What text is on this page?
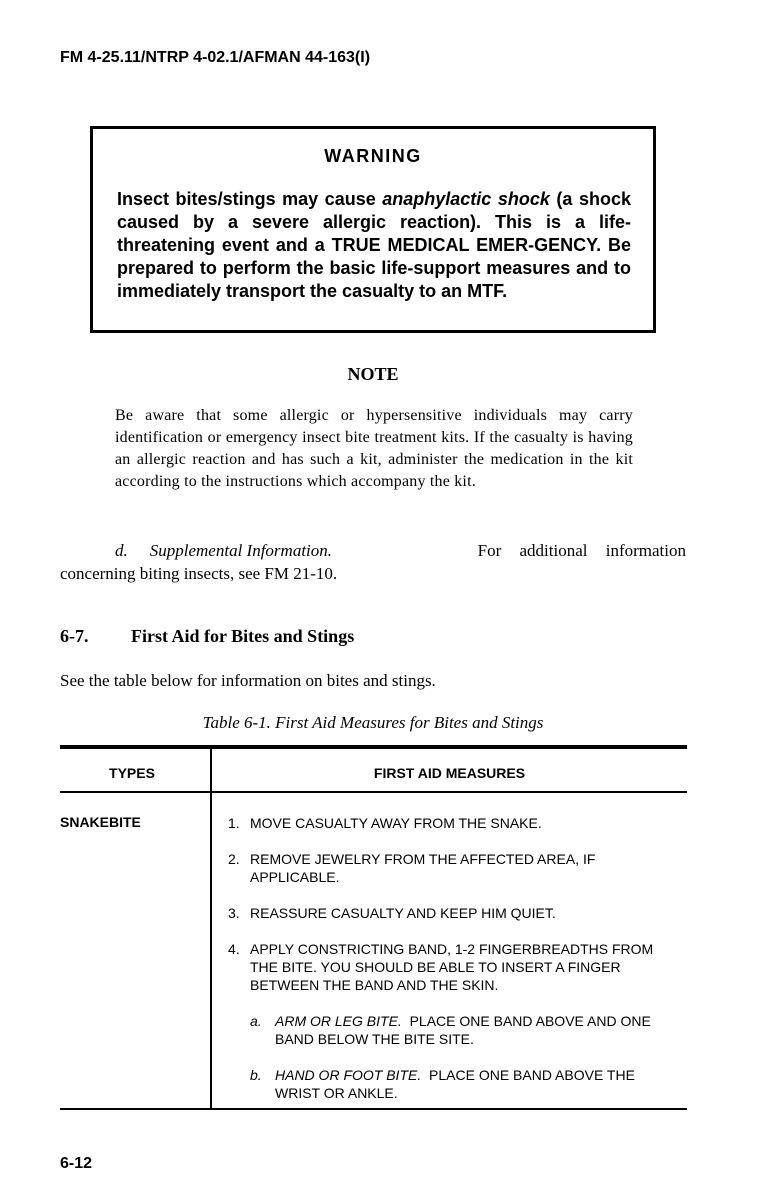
FM 4-25.11/NTRP 4-02.1/AFMAN 44-163(I)
WARNING
Insect bites/stings may cause anaphylactic shock (a shock caused by a severe allergic reaction). This is a life-threatening event and a TRUE MEDICAL EMER-GENCY. Be prepared to perform the basic life-support measures and to immediately transport the casualty to an MTF.
NOTE
Be aware that some allergic or hypersensitive individuals may carry identification or emergency insect bite treatment kits. If the casualty is having an allergic reaction and has such a kit, administer the medication in the kit according to the instructions which accompany the kit.
d. Supplemental Information.	For additional information
concerning biting insects, see FM 21-10.
6-7. First Aid for Bites and Stings
See the table below for information on bites and stings.
Table 6-1. First Aid Measures for Bites and Stings
TYPES	FIRST AID MEASURES
SNAKEBITE	1. MOVE CASUALTY AWAY FROM THE SNAKE.
2. REMOVE JEWELRY FROM THE AFFECTED AREA, IF APPLICABLE.
3. REASSURE CASUALTY AND KEEP HIM QUIET.
4. APPLY CONSTRICTING BAND, 1-2 FINGERBREADTHS FROM THE BITE. YOU SHOULD BE ABLE TO INSERT A FINGER BETWEEN THE BAND AND THE SKIN.
a. ARM OR LEG BITE.  PLACE ONE BAND ABOVE AND ONE BAND BELOW THE BITE SITE.
b. HAND OR FOOT BITE.  PLACE ONE BAND ABOVE THE WRIST OR ANKLE.
6-12
